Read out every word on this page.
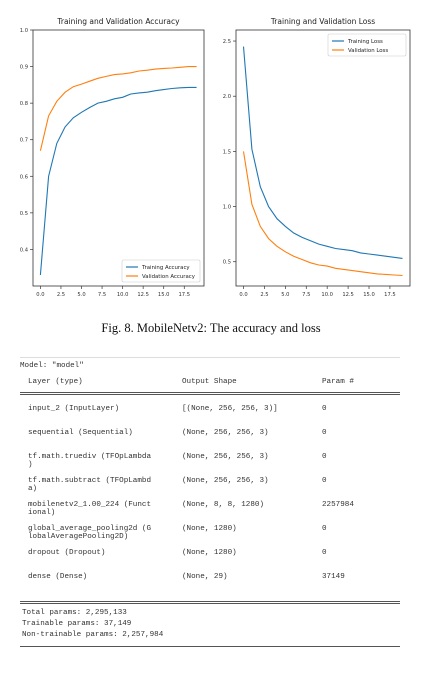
Training and Validation Accuracy
0.4
0.5
0.6
0.7
0.8
0.9
1.0
0.0 2.5 5.0 7.5 10.0 12.5 15.0 17.5
Training Accuracy
Validation Accuracy
Training and Validation Loss
0.5
1.0
1.5
2.0
2.5
0.0 2.5 5.0 7.5 10.0 12.5 15.0 17.5
Training Loss
Validation Loss
Fig. 8. MobileNetv2: The accuracy and loss
Model: "model"
Layer (type)	Output Shape	Param #
input_2 (InputLayer)	[(None, 256, 256, 3)]	0
sequential (Sequential)	(None, 256, 256, 3)	0
tf.math.truediv (TFOpLambda
)
(None, 256, 256, 3)	0
tf.math.subtract (TFOpLambd
a)
(None, 256, 256, 3)	0
mobilenetv2_1.00_224 (Funct
ional)
(None, 8, 8, 1280)	2257984
global_average_pooling2d (G
lobalAveragePooling2D)
(None, 1280)	0
dropout (Dropout)	(None, 1280)	0
dense (Dense)	(None, 29)	37149
Total params: 2,295,133
Trainable params: 37,149
Non-trainable params: 2,257,984
